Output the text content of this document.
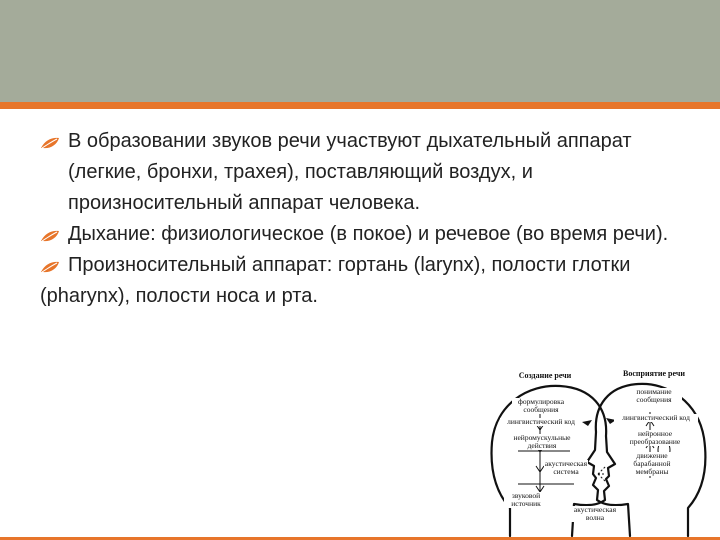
В образовании звуков речи участвуют дыхательный аппарат (легкие, бронхи, трахея), поставляющий воздух, и произносительный аппарат человека.

Дыхание: физиологическое (в покое) и речевое (во время речи).

Произносительный аппарат: гортань (larynx), полости глотки (pharynx), полости носа и рта.

Создание речи	Восприятие речи
формулировка сообщения
лингвистический код
нейромускульные действия
акустическая система
звуковой источник
понимание сообщения
лингвистический код
нейронное преобразование
движение барабанной мембраны
акустическая волна
